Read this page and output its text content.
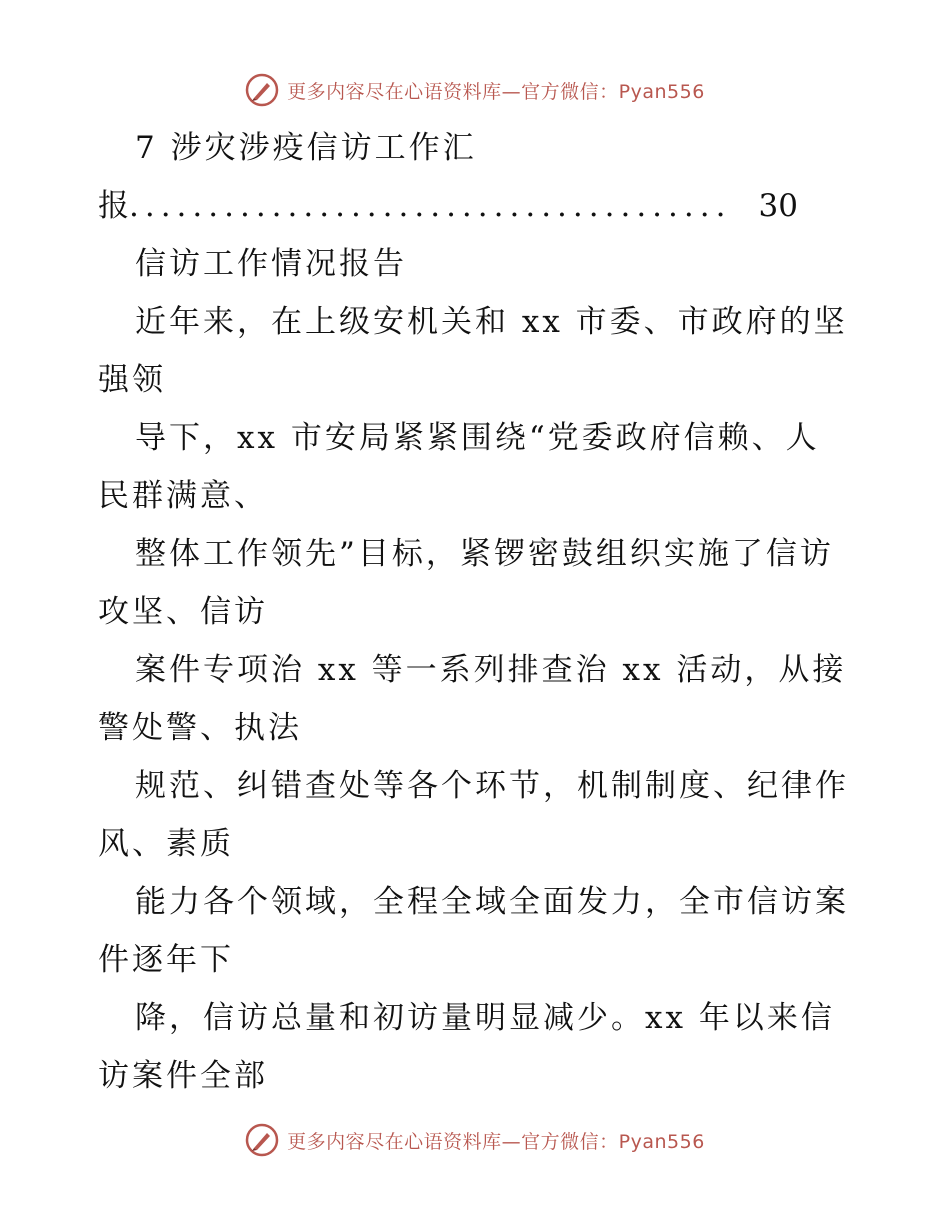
更多内容尽在心语资料库—官方微信：Pyan556
7 涉灾涉疫信访工作汇
报 ...................................... 30
信访工作情况报告
近年来，在上级安机关和 xx 市委、市政府的坚
强领
导下，xx 市安局紧紧围绕“党委政府信赖、人
民群满意、
整体工作领先”目标，紧锣密鼓组织实施了信访
攻坚、信访
案件专项治 xx 等一系列排查治 xx 活动，从接
警处警、执法
规范、纠错查处等各个环节，机制制度、纪律作
风、素质
能力各个领域，全程全域全面发力，全市信访案
件逐年下
降，信访总量和初访量明显减少。xx 年以来信
访案件全部
更多内容尽在心语资料库—官方微信：Pyan556
